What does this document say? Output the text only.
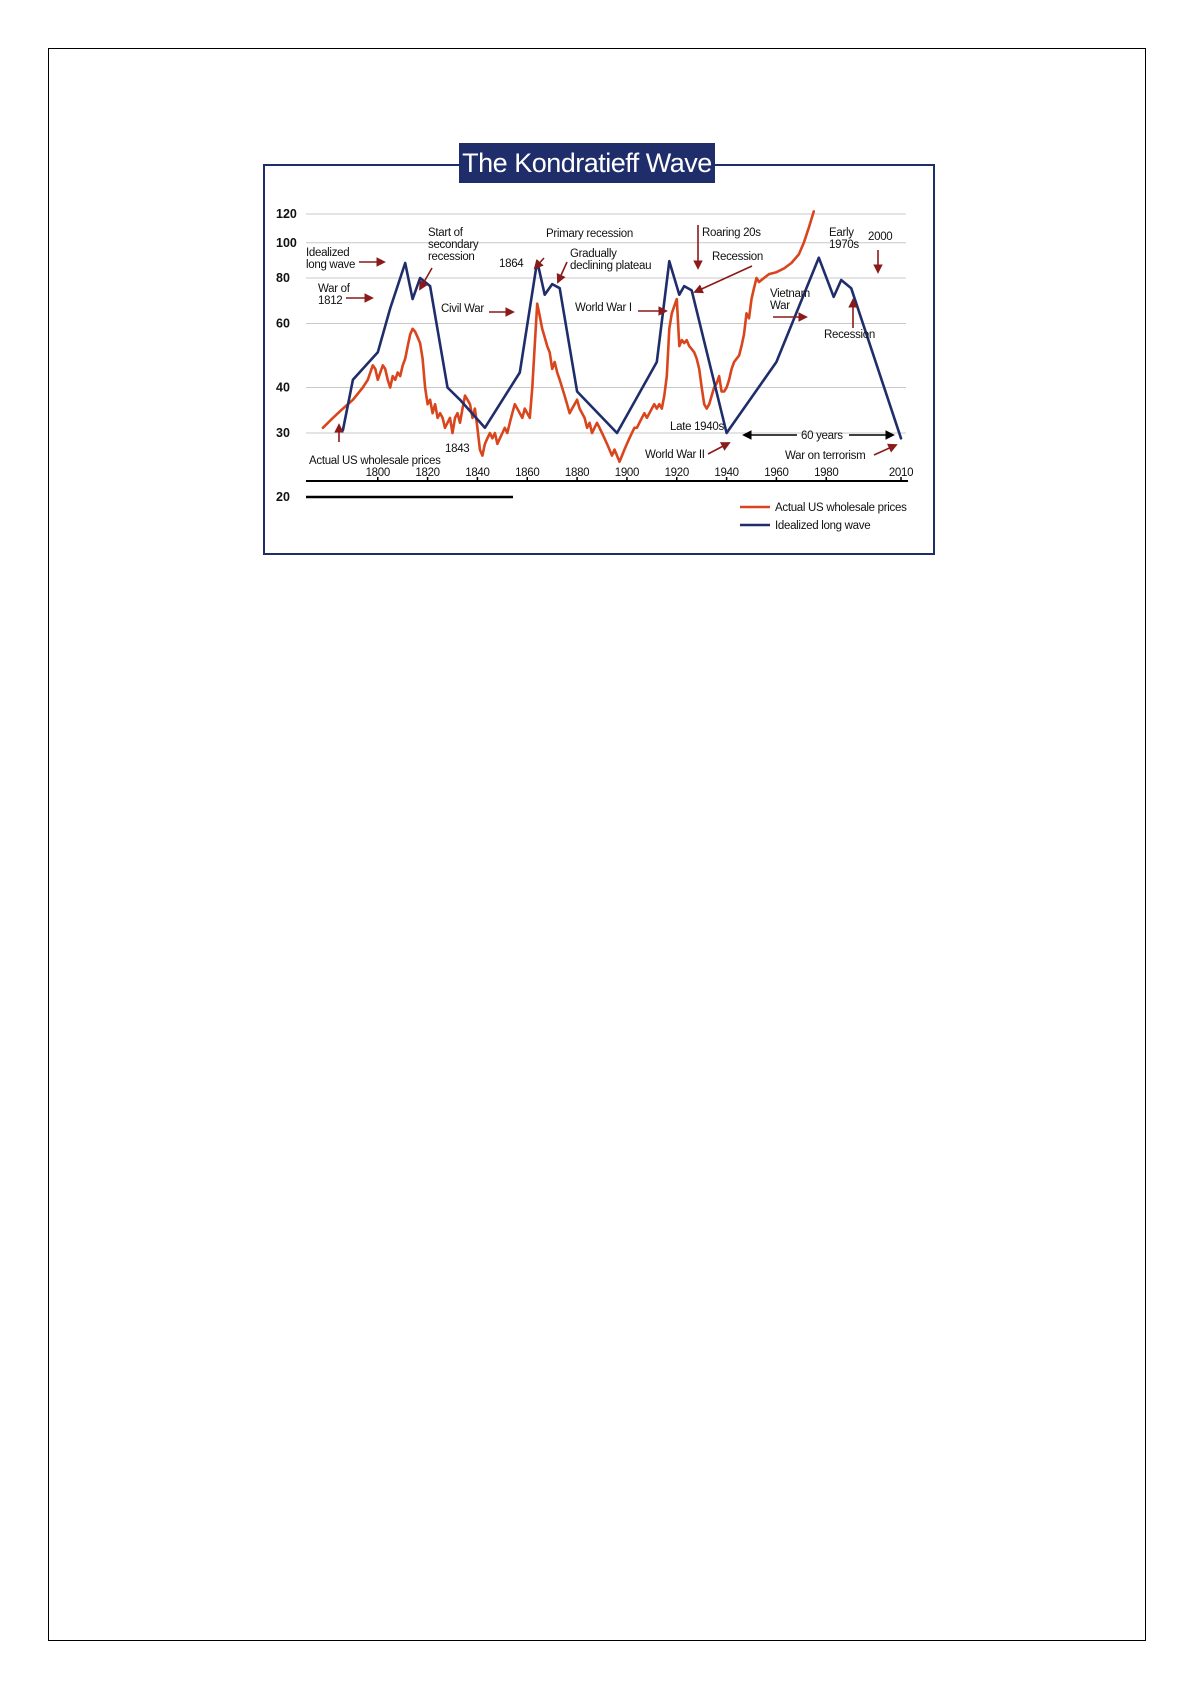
The Kondratieff Wave
120
100
80
60
40
30
20
1800 1820 1840 1860 1880 1900 1920 1940 1960 1980	2010
Idealized
long wave
Start of
secondary
recession
War of
1812
Civil War
1843
Actual US wholesale prices
1864
Primary recession
Gradually
declining plateau
World War I
Roaring 20s
Recession
Late 1940s
World War II
Vietnam
War
Early
1970s
2000
Recession
60 years
War on terrorism
Actual US wholesale prices
Idealized long wave
